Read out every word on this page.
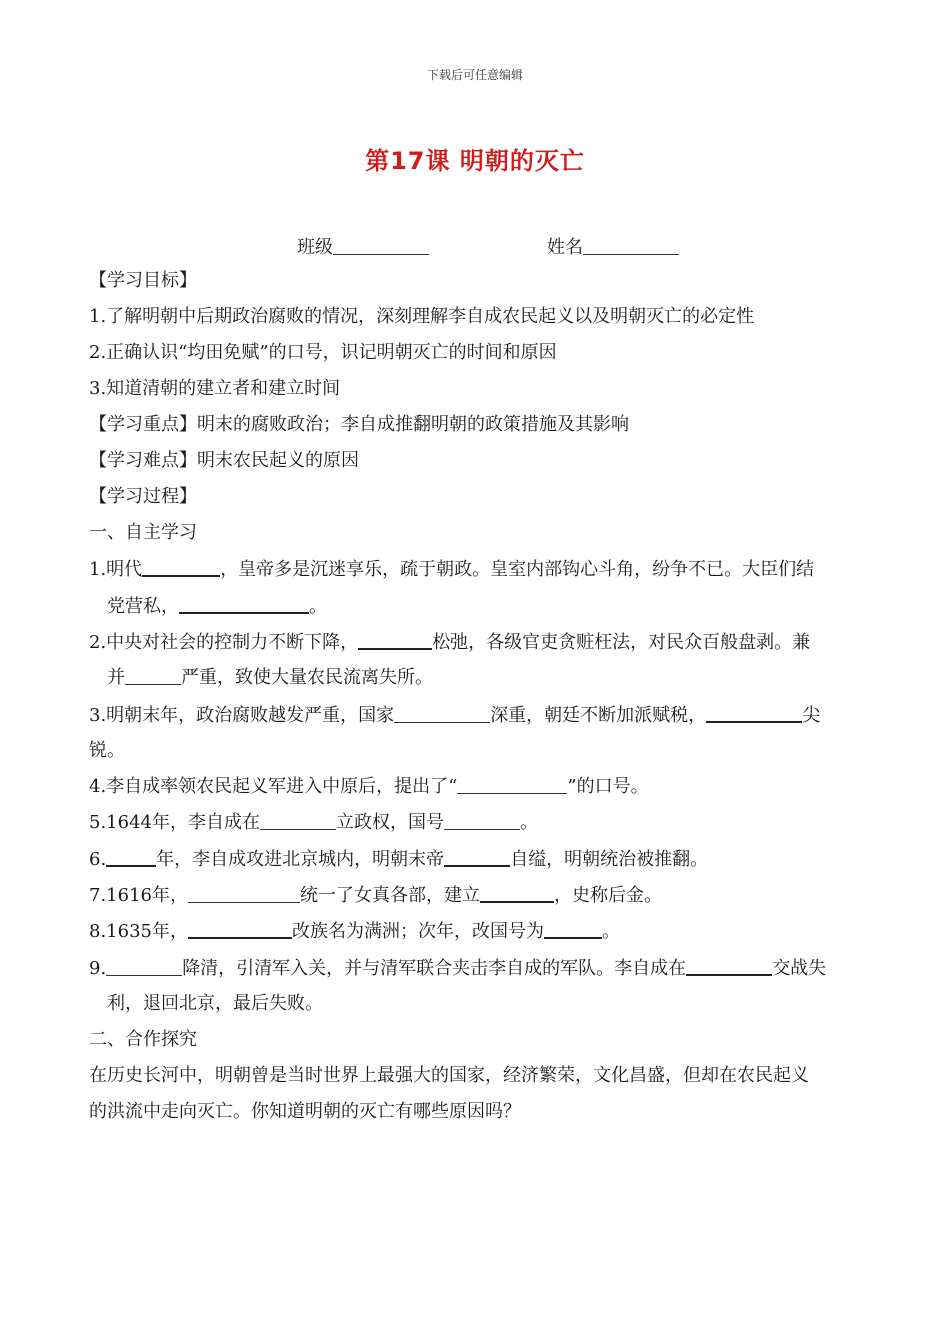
下载后可任意编辑
第17课 明朝的灭亡
班级	姓名
【学习目标】
1.了解明朝中后期政治腐败的情况，深刻理解李自成农民起义以及明朝灭亡的必定性
2.正确认识“均田免赋”的口号，识记明朝灭亡的时间和原因
3.知道清朝的建立者和建立时间
【学习重点】明末的腐败政治；李自成推翻明朝的政策措施及其影响
【学习难点】明末农民起义的原因
【学习过程】
一、自主学习
1.明代	，皇帝多是沉迷享乐，疏于朝政。皇室内部钩心斗角，纷争不已。大臣们结
党营私，	。
2.中央对社会的控制力不断下降，	松弛，各级官吏贪赃枉法，对民众百般盘剥。兼
并	严重，致使大量农民流离失所。
3.明朝末年，政治腐败越发严重，国家	深重，朝廷不断加派赋税，	尖
锐。
4.李自成率领农民起义军进入中原后，提出了“	”的口号。
5.1644年，李自成在	立政权，国号	。
6.	年，李自成攻进北京城内，明朝末帝	自缢，明朝统治被推翻。
7.1616年，	统一了女真各部，建立	，史称后金。
8.1635年，	改族名为满洲；次年，改国号为	。
9.	降清，引清军入关，并与清军联合夹击李自成的军队。李自成在	交战失
利，退回北京，最后失败。
二、合作探究
在历史长河中，明朝曾是当时世界上最强大的国家，经济繁荣，文化昌盛，但却在农民起义
的洪流中走向灭亡。你知道明朝的灭亡有哪些原因吗？
